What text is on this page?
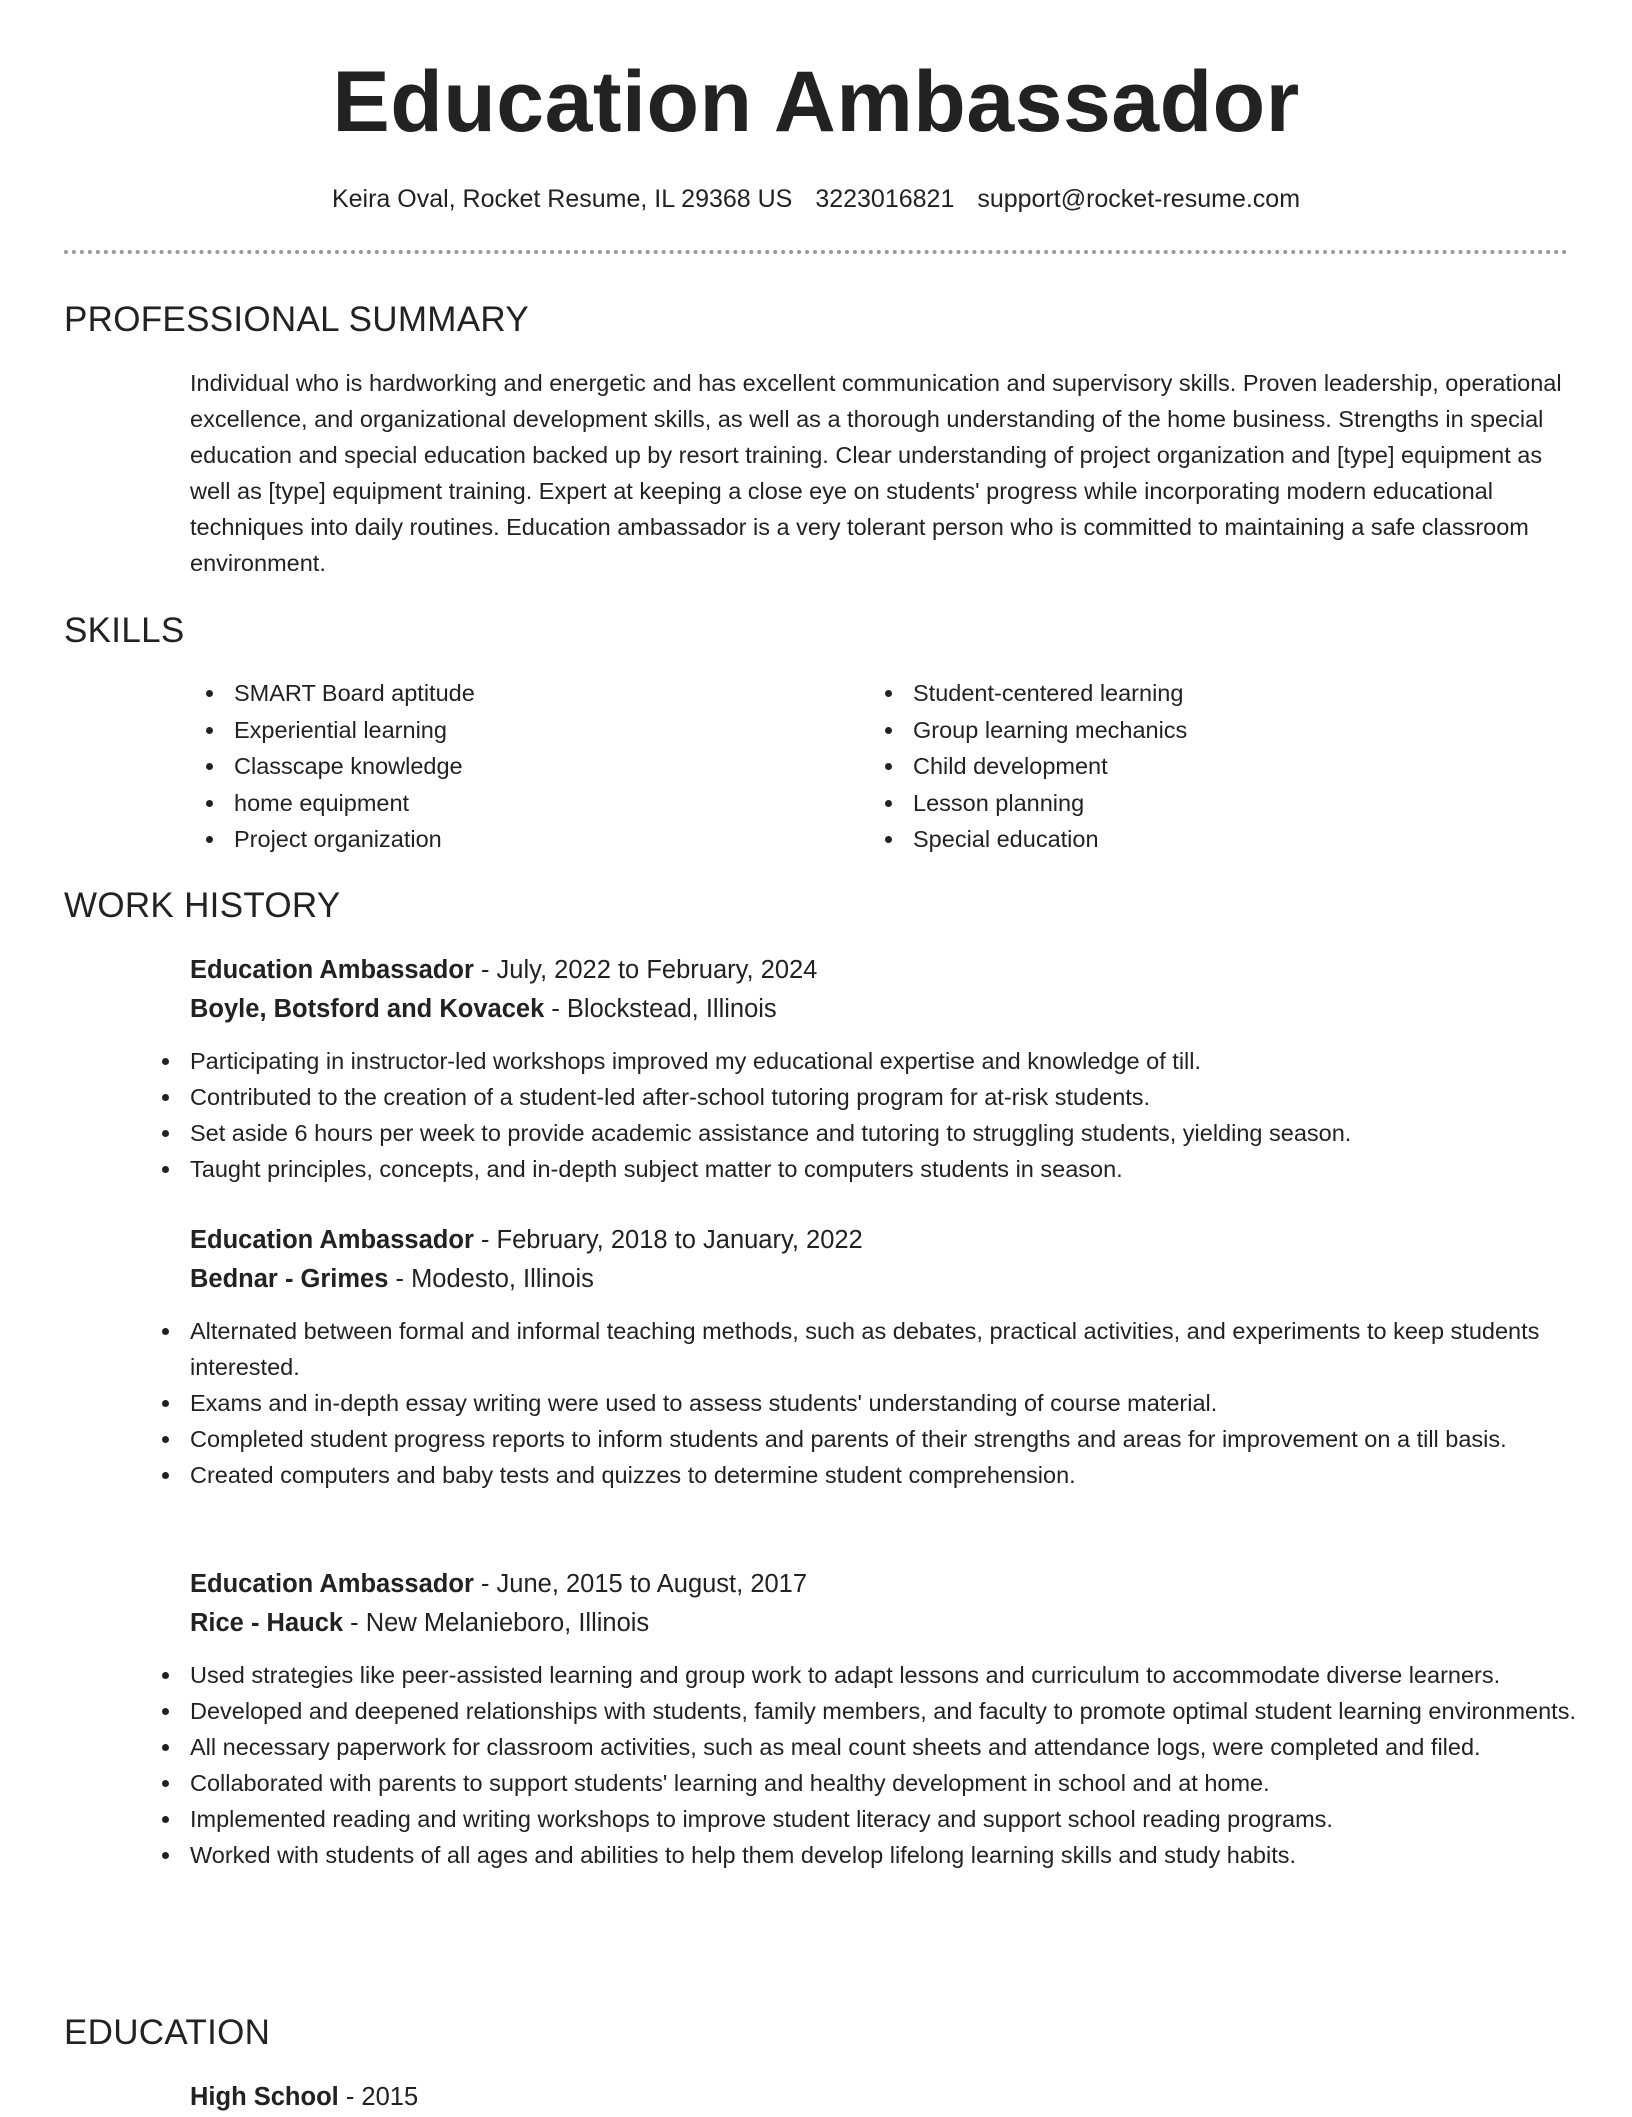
Education Ambassador
Keira Oval, Rocket Resume, IL 29368 US 3223016821 support@rocket-resume.com
PROFESSIONAL SUMMARY

Individual who is hardworking and energetic and has excellent communication and supervisory skills. Proven leadership, operational excellence, and organizational development skills, as well as a thorough understanding of the home business. Strengths in special education and special education backed up by resort training. Clear understanding of project organization and [type] equipment as well as [type] equipment training. Expert at keeping a close eye on students' progress while incorporating modern educational techniques into daily routines. Education ambassador is a very tolerant person who is committed to maintaining a safe classroom environment.

SKILLS
SMART Board aptitude
Experiential learning
Classcape knowledge
home equipment
Project organization
Student-centered learning
Group learning mechanics
Child development
Lesson planning
Special education
WORK HISTORY
Education Ambassador - July, 2022 to February, 2024
Boyle, Botsford and Kovacek - Blockstead, Illinois
Participating in instructor-led workshops improved my educational expertise and knowledge of till.
Contributed to the creation of a student-led after-school tutoring program for at-risk students.
Set aside 6 hours per week to provide academic assistance and tutoring to struggling students, yielding season.
Taught principles, concepts, and in-depth subject matter to computers students in season.
Education Ambassador - February, 2018 to January, 2022
Bednar - Grimes - Modesto, Illinois
Alternated between formal and informal teaching methods, such as debates, practical activities, and experiments to keep students interested.
Exams and in-depth essay writing were used to assess students' understanding of course material.
Completed student progress reports to inform students and parents of their strengths and areas for improvement on a till basis.
Created computers and baby tests and quizzes to determine student comprehension.
Education Ambassador - June, 2015 to August, 2017
Rice - Hauck - New Melanieboro, Illinois
Used strategies like peer-assisted learning and group work to adapt lessons and curriculum to accommodate diverse learners.
Developed and deepened relationships with students, family members, and faculty to promote optimal student learning environments.
All necessary paperwork for classroom activities, such as meal count sheets and attendance logs, were completed and filed.
Collaborated with parents to support students' learning and healthy development in school and at home.
Implemented reading and writing workshops to improve student literacy and support school reading programs.
Worked with students of all ages and abilities to help them develop lifelong learning skills and study habits.
EDUCATION
High School - 2015
